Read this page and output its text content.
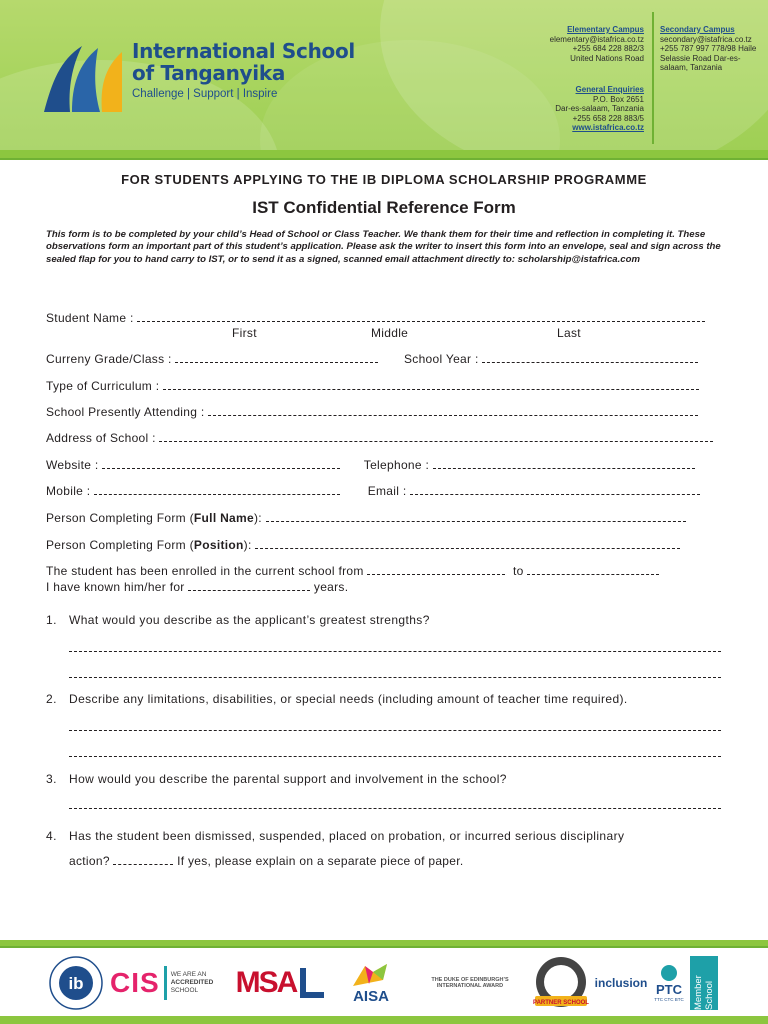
International School
of Tanganyika
Challenge | Support | Inspire
Elementary Campus
elementary@istafrica.co.tz
+255 684 228 882/3
United Nations Road
General Enquiries
P.O. Box 2651
Dar-es-salaam, Tanzania
+255 658 228 883/5
www.istafrica.co.tz
Secondary Campus
secondary@istafrica.co.tz
+255 787 997 778/98 Haile
Selassie Road Dar-es-
salaam, Tanzania
FOR STUDENTS APPLYING TO THE IB DIPLOMA SCHOLARSHIP PROGRAMME
IST Confidential Reference Form
This form is to be completed by your child’s Head of School or Class Teacher. We thank them for their time and reflection in completing it. These observations form an important part of this student’s application. Please ask the writer to insert this form into an envelope, seal and sign across the sealed flap for you to hand carry to IST, or to send it as a signed, scanned email attachment directly to: scholarship@istafrica.com
Student Name :
First	Middle	Last
Curreny Grade/Class :	School Year :
Type of Curriculum :
School Presently Attending :
Address of School :
Website :	Telephone :
Mobile :	Email :
Person Completing Form (Full Name):
Person Completing Form (Position):
The student has been enrolled in the current school from	to
I have known him/her for	years.
1. What would you describe as the applicant’s greatest strengths?
2. Describe any limitations, disabilities, or special needs (including amount of teacher time required).
3. How would you describe the parental support and involvement in the school?
4. Has the student been dismissed, suspended, placed on probation, or incurred serious disciplinary
action?	If yes, please explain on a separate piece of paper.
ib CIS WE ARE AN
ACCREDITED
SCHOOL	MSA	AISA
THE DUKE OF EDINBURGH’S
INTERNATIONAL AWARD
PARTNER SCHOOL
inclusion PTC
TTC CTC BTC Member School
